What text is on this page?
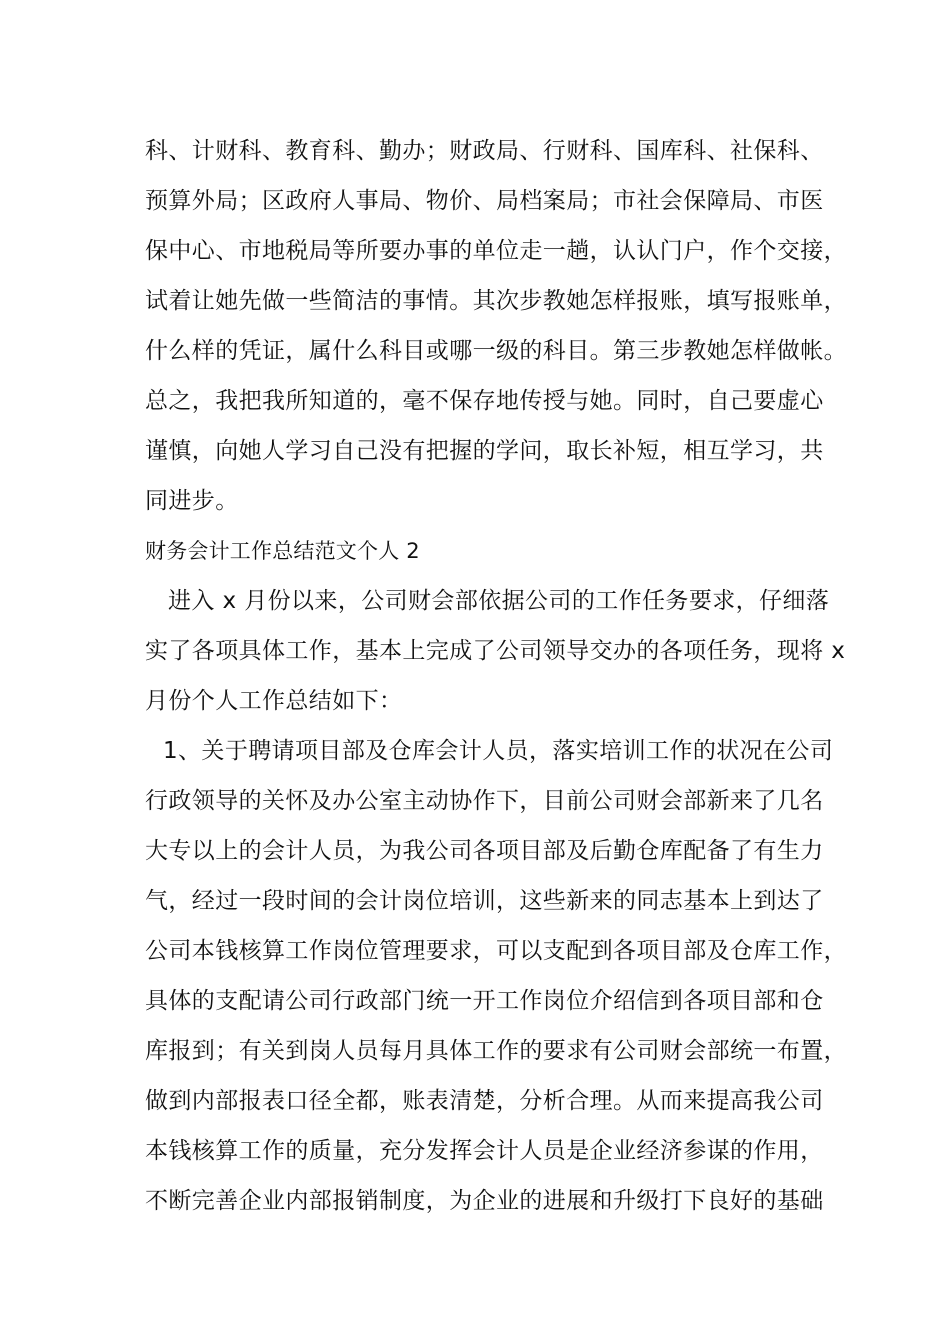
科、计财科、教育科、勤办；财政局、行财科、国库科、社保科、
预算外局；区政府人事局、物价、局档案局；市社会保障局、市医
保中心、市地税局等所要办事的单位走一趟，认认门户，作个交接，
试着让她先做一些简洁的事情。其次步教她怎样报账，填写报账单，
什么样的凭证，属什么科目或哪一级的科目。第三步教她怎样做帐。
总之，我把我所知道的，毫不保存地传授与她。同时，自己要虚心
谨慎，向她人学习自己没有把握的学问，取长补短，相互学习，共
同进步。
财务会计工作总结范文个人 2
进入 x 月份以来，公司财会部依据公司的工作任务要求，仔细落
实了各项具体工作，基本上完成了公司领导交办的各项任务，现将 x
月份个人工作总结如下：
1、关于聘请项目部及仓库会计人员，落实培训工作的状况在公司
行政领导的关怀及办公室主动协作下，目前公司财会部新来了几名
大专以上的会计人员，为我公司各项目部及后勤仓库配备了有生力
气，经过一段时间的会计岗位培训，这些新来的同志基本上到达了
公司本钱核算工作岗位管理要求，可以支配到各项目部及仓库工作，
具体的支配请公司行政部门统一开工作岗位介绍信到各项目部和仓
库报到；有关到岗人员每月具体工作的要求有公司财会部统一布置，
做到内部报表口径全都，账表清楚，分析合理。从而来提高我公司
本钱核算工作的质量，充分发挥会计人员是企业经济参谋的作用，
不断完善企业内部报销制度，为企业的进展和升级打下良好的基础
